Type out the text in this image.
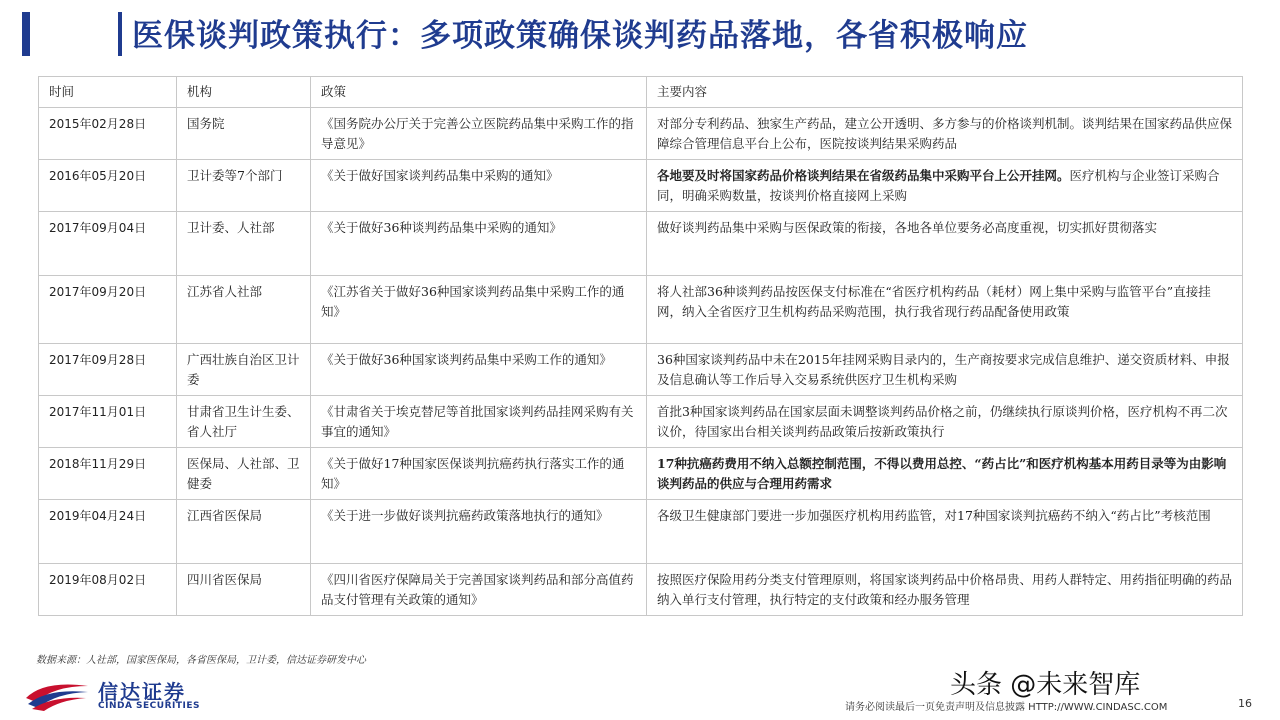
医保谈判政策执行：多项政策确保谈判药品落地，各省积极响应
时间	机构	政策	主要内容
2015年02月28日	国务院	《国务院办公厅关于完善公立医院药品集中采购工作的指导意见》	对部分专利药品、独家生产药品，建立公开透明、多方参与的价格谈判机制。谈判结果在国家药品供应保障综合管理信息平台上公布，医院按谈判结果采购药品
2016年05月20日	卫计委等7个部门	《关于做好国家谈判药品集中采购的通知》	各地要及时将国家药品价格谈判结果在省级药品集中采购平台上公开挂网。医疗机构与企业签订采购合同，明确采购数量，按谈判价格直接网上采购
2017年09月04日	卫计委、人社部	《关于做好36种谈判药品集中采购的通知》	做好谈判药品集中采购与医保政策的衔接，各地各单位要务必高度重视，切实抓好贯彻落实
2017年09月20日	江苏省人社部	《江苏省关于做好36种国家谈判药品集中采购工作的通知》	将人社部36种谈判药品按医保支付标准在“省医疗机构药品（耗材）网上集中采购与监管平台”直接挂网，纳入全省医疗卫生机构药品采购范围，执行我省现行药品配备使用政策
2017年09月28日	广西壮族自治区卫计委	《关于做好36种国家谈判药品集中采购工作的通知》	36种国家谈判药品中未在2015年挂网采购目录内的，生产商按要求完成信息维护、递交资质材料、申报及信息确认等工作后导入交易系统供医疗卫生机构采购
2017年11月01日	甘肃省卫生计生委、省人社厅	《甘肃省关于埃克替尼等首批国家谈判药品挂网采购有关事宜的通知》	首批3种国家谈判药品在国家层面未调整谈判药品价格之前，仍继续执行原谈判价格，医疗机构不再二次议价，待国家出台相关谈判药品政策后按新政策执行
2018年11月29日	医保局、人社部、卫健委	《关于做好17种国家医保谈判抗癌药执行落实工作的通知》	17种抗癌药费用不纳入总额控制范围，不得以费用总控、“药占比”和医疗机构基本用药目录等为由影响谈判药品的供应与合理用药需求
2019年04月24日	江西省医保局	《关于进一步做好谈判抗癌药政策落地执行的通知》	各级卫生健康部门要进一步加强医疗机构用药监管，对17种国家谈判抗癌药不纳入“药占比”考核范围
2019年08月02日	四川省医保局	《四川省医疗保障局关于完善国家谈判药品和部分高值药品支付管理有关政策的通知》	按照医疗保险用药分类支付管理原则，将国家谈判药品中价格昂贵、用药人群特定、用药指征明确的药品纳入单行支付管理，执行特定的支付政策和经办服务管理
数据来源：人社部，国家医保局，各省医保局，卫计委，信达证券研发中心
信达证券
CINDA SECURITIES
头条 @未来智库
请务必阅读最后一页免责声明及信息披露 HTTP://WWW.CINDASC.COM	16
